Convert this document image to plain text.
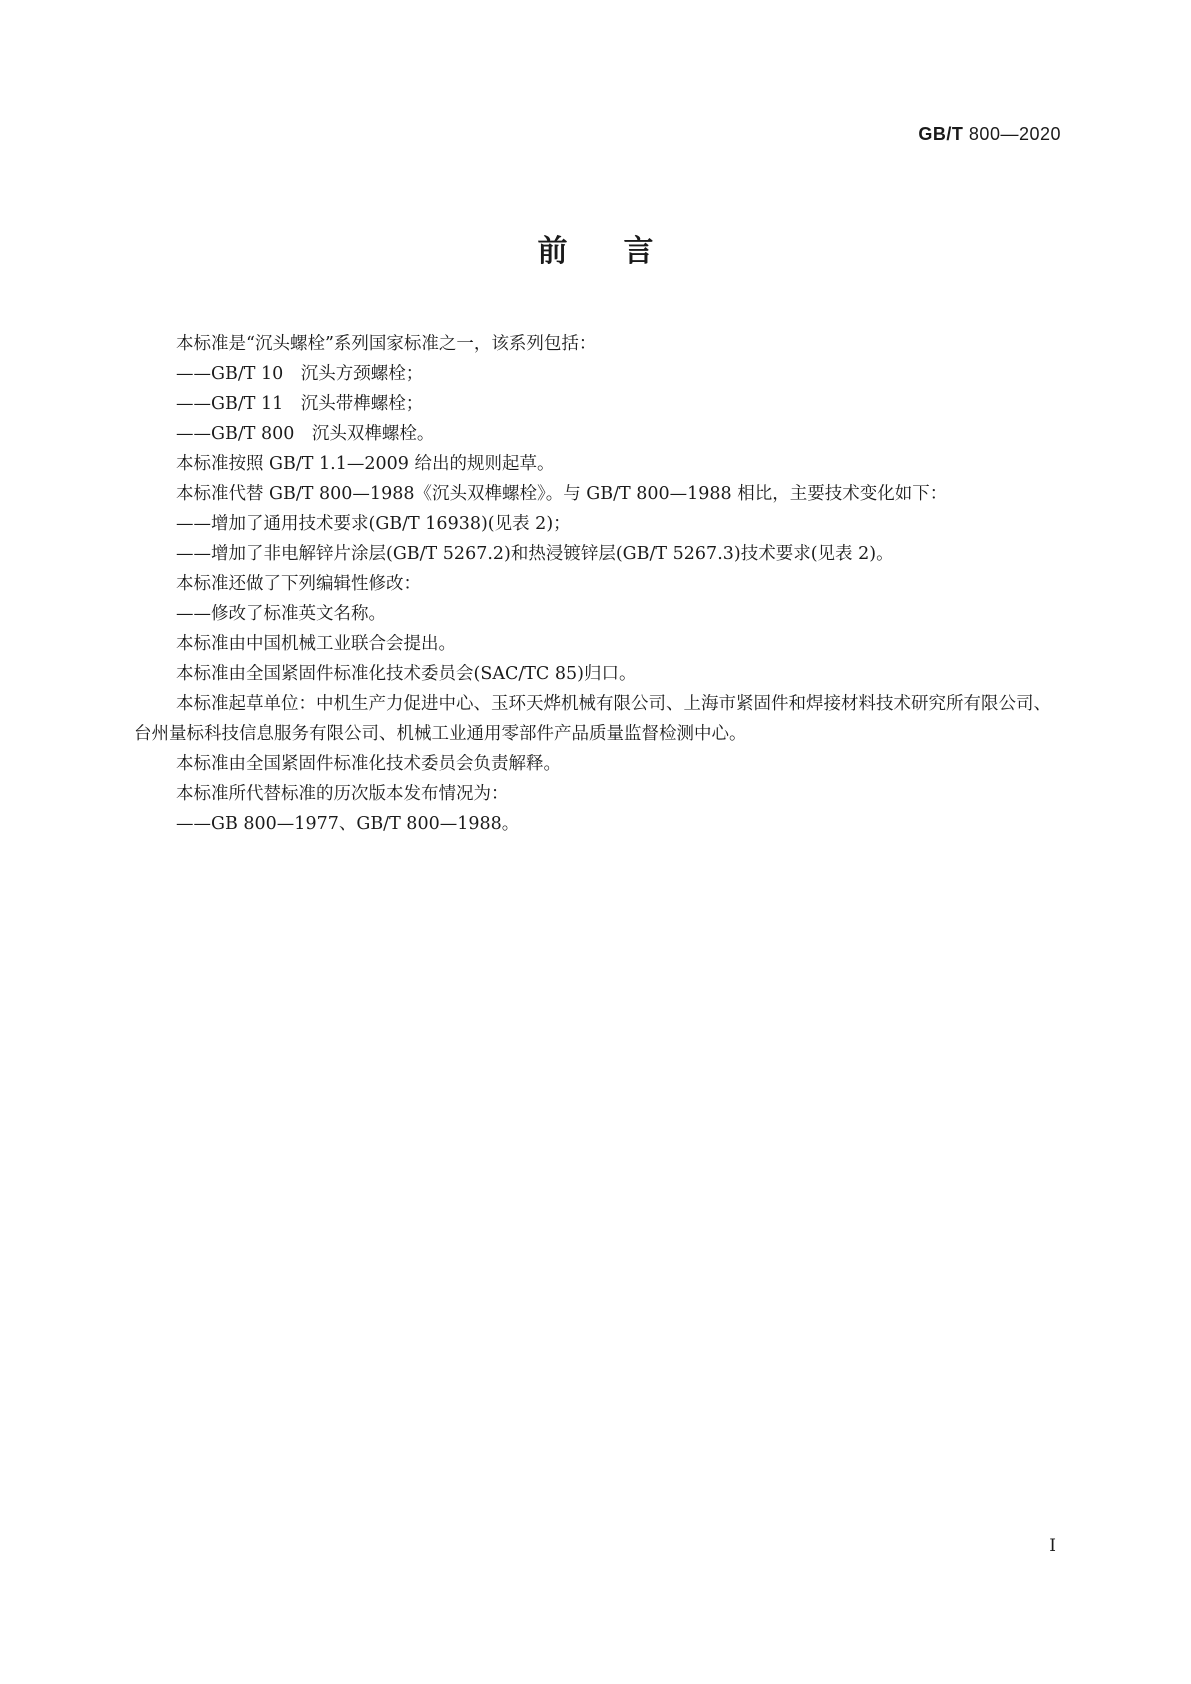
GB/T 800—2020
前言

本标准是“沉头螺栓”系列国家标准之一，该系列包括：

——GB/T 10　沉头方颈螺栓；

——GB/T 11　沉头带榫螺栓；

——GB/T 800　沉头双榫螺栓。

本标准按照 GB/T 1.1—2009 给出的规则起草。

本标准代替 GB/T 800—1988《沉头双榫螺栓》。与 GB/T 800—1988 相比，主要技术变化如下：

——增加了通用技术要求(GB/T 16938)(见表 2)；

——增加了非电解锌片涂层(GB/T 5267.2)和热浸镀锌层(GB/T 5267.3)技术要求(见表 2)。

本标准还做了下列编辑性修改：

——修改了标准英文名称。

本标准由中国机械工业联合会提出。

本标准由全国紧固件标准化技术委员会(SAC/TC 85)归口。

本标准起草单位：中机生产力促进中心、玉环天烨机械有限公司、上海市紧固件和焊接材料技术研究所有限公司、台州量标科技信息服务有限公司、机械工业通用零部件产品质量监督检测中心。

本标准由全国紧固件标准化技术委员会负责解释。

本标准所代替标准的历次版本发布情况为：

——GB 800—1977、GB/T 800—1988。

I
